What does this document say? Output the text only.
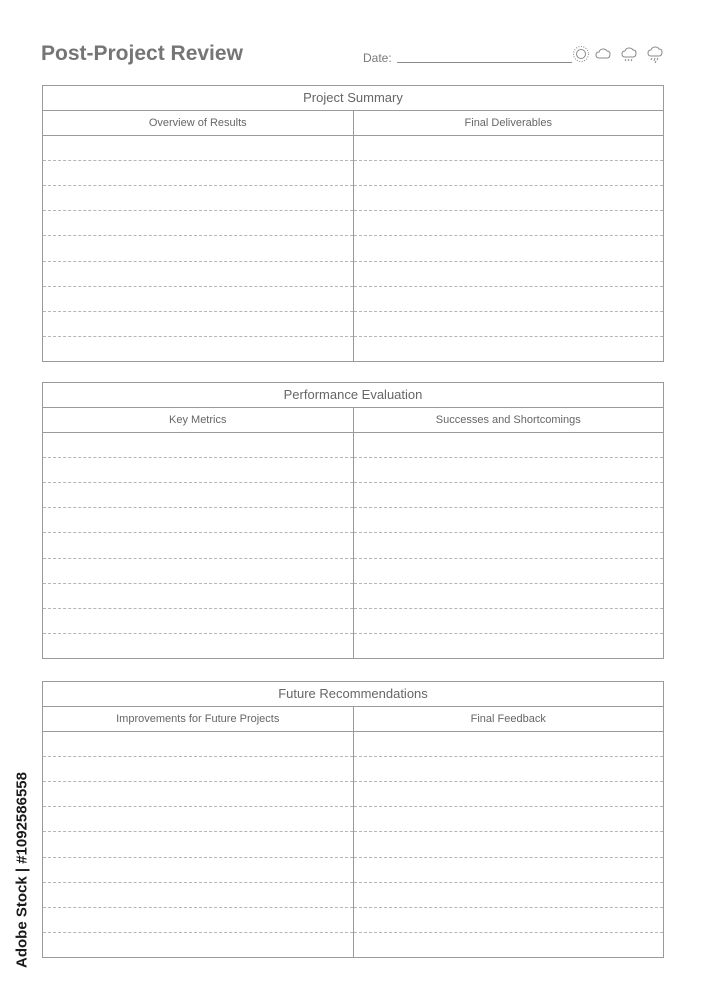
Post-Project Review	Date:
Project Summary
Overview of Results	Final Deliverables
Performance Evaluation
Key Metrics	Successes and Shortcomings
Future Recommendations
Improvements for Future Projects	Final Feedback
Adobe Stock | #1092586558
